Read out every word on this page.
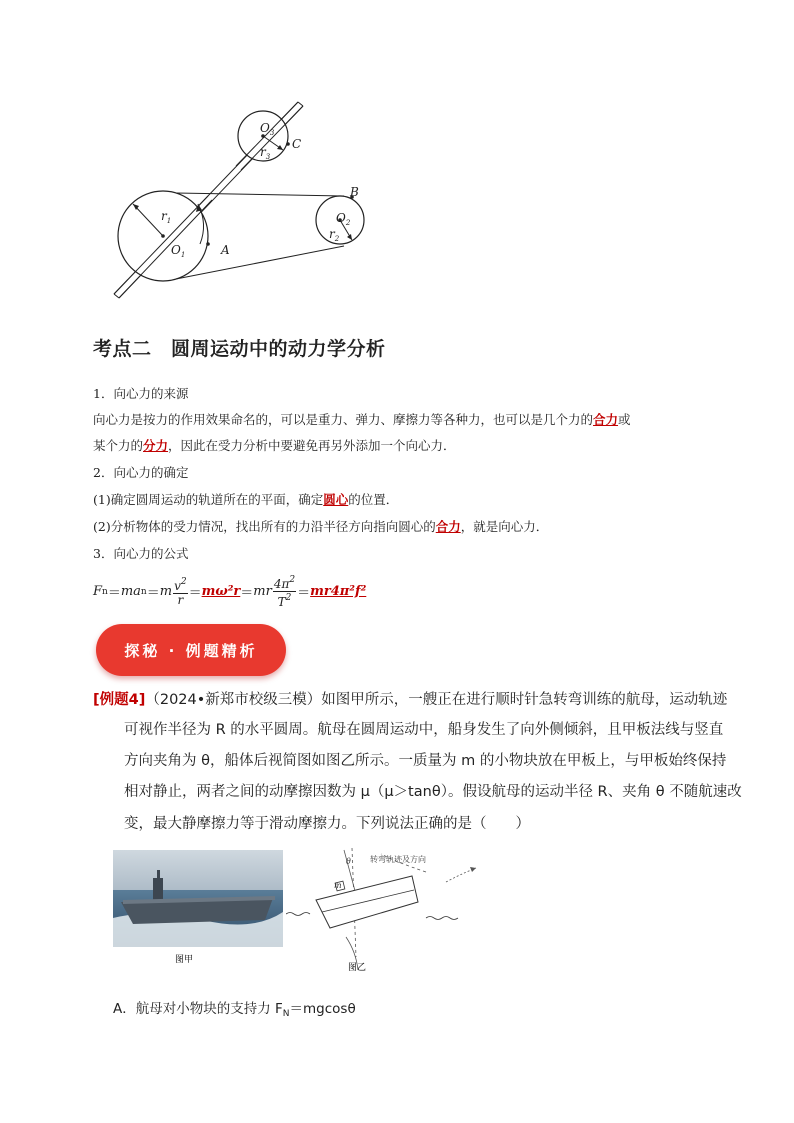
$r_1$
$O_1$	A
$O_2$
$r_2$
B
$O_3$
$r_3$
C
考点二　圆周运动中的动力学分析
1．向心力的来源
向心力是按力的作用效果命名的，可以是重力、弹力、摩擦力等各种力，也可以是几个力的合力或
某个力的分力，因此在受力分析中要避免再另外添加一个向心力．
2．向心力的确定
(1)确定圆周运动的轨道所在的平面，确定圆心的位置．
(2)分析物体的受力情况，找出所有的力沿半径方向指向圆心的合力，就是向心力．
3．向心力的公式
F n ＝ ma n ＝ m $\frac{v^2}{r} = m\omega^2r$ ＝ mr $\frac{4\pi^2}{T^2} = mr4\pi^2f^2$
探秘 · 例题精析
[例题4]（2024•新郑市校级三模）如图甲所示，一艘正在进行顺时针急转弯训练的航母，运动轨迹
可视作半径为 R 的水平圆周。航母在圆周运动中，船身发生了向外侧倾斜，且甲板法线与竖直
方向夹角为 θ，船体后视简图如图乙所示。一质量为 m 的小物块放在甲板上，与甲板始终保持
相对静止，两者之间的动摩擦因数为 μ（μ＞tanθ）。假设航母的运动半径 R、夹角 θ 不随航速改
变，最大静摩擦力等于滑动摩擦力。下列说法正确的是（　　）
图甲
转弯轨迹及方向
θ
m
图乙
A．航母对小物块的支持力 $F_N=mgcos\theta$
